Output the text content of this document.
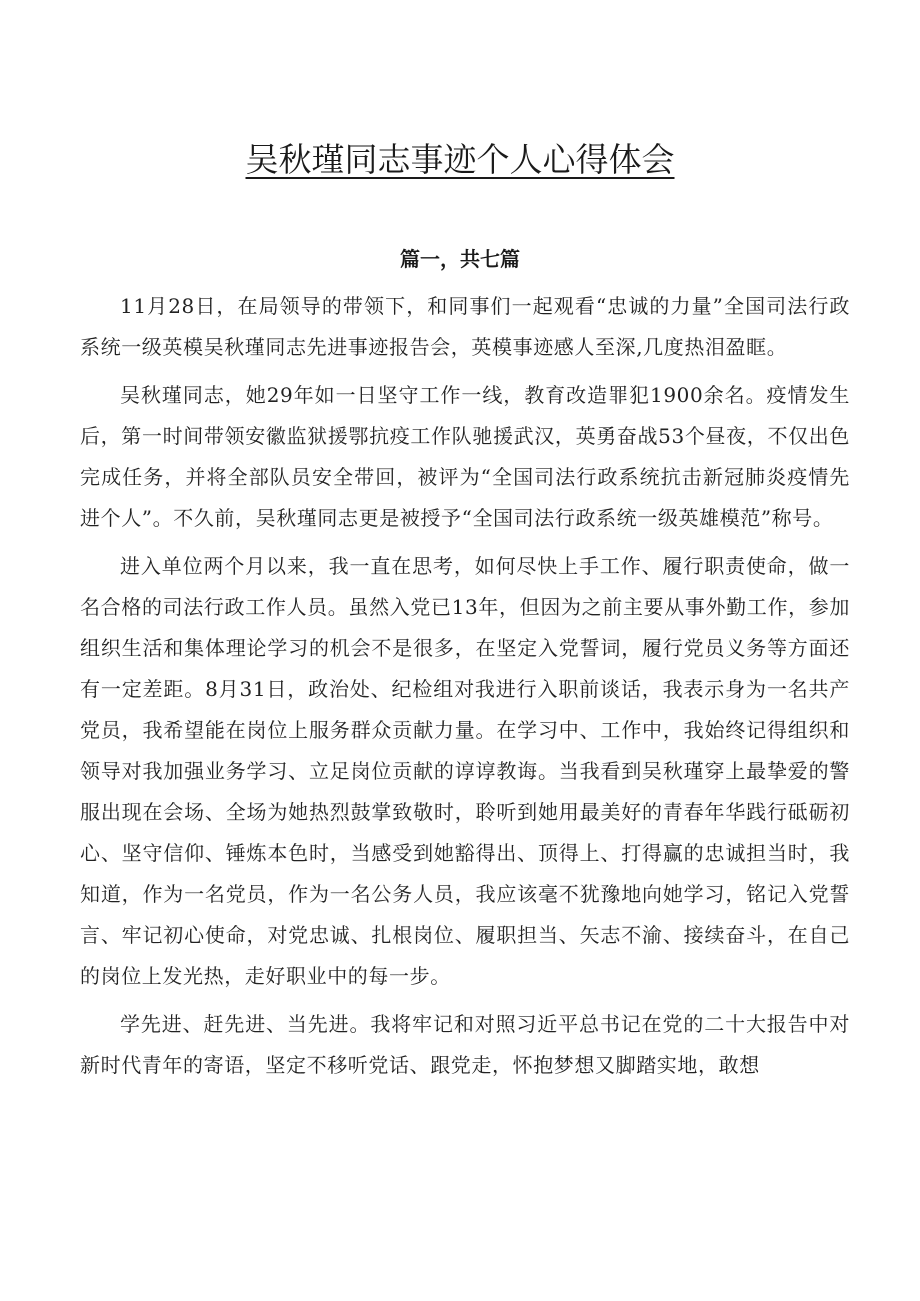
吴秋瑾同志事迹个人心得体会
篇一，共七篇

11月28日，在局领导的带领下，和同事们一起观看“忠诚的力量”全国司法行政系统一级英模吴秋瑾同志先进事迹报告会，英模事迹感人至深,几度热泪盈眶。

吴秋瑾同志，她29年如一日坚守工作一线，教育改造罪犯1900余名。疫情发生后，第一时间带领安徽监狱援鄂抗疫工作队驰援武汉，英勇奋战53个昼夜，不仅出色完成任务，并将全部队员安全带回，被评为“全国司法行政系统抗击新冠肺炎疫情先进个人”。不久前，吴秋瑾同志更是被授予“全国司法行政系统一级英雄模范”称号。

进入单位两个月以来，我一直在思考，如何尽快上手工作、履行职责使命，做一名合格的司法行政工作人员。虽然入党已13年，但因为之前主要从事外勤工作，参加组织生活和集体理论学习的机会不是很多，在坚定入党誓词，履行党员义务等方面还有一定差距。8月31日，政治处、纪检组对我进行入职前谈话，我表示身为一名共产党员，我希望能在岗位上服务群众贡献力量。在学习中、工作中，我始终记得组织和领导对我加强业务学习、立足岗位贡献的谆谆教诲。当我看到吴秋瑾穿上最挚爱的警服出现在会场、全场为她热烈鼓掌致敬时，聆听到她用最美好的青春年华践行砥砺初心、坚守信仰、锤炼本色时，当感受到她豁得出、顶得上、打得赢的忠诚担当时，我知道，作为一名党员，作为一名公务人员，我应该毫不犹豫地向她学习，铭记入党誓言、牢记初心使命，对党忠诚、扎根岗位、履职担当、矢志不渝、接续奋斗，在自己的岗位上发光热，走好职业中的每一步。

学先进、赶先进、当先进。我将牢记和对照习近平总书记在党的二十大报告中对新时代青年的寄语，坚定不移听党话、跟党走，怀抱梦想又脚踏实地，敢想
